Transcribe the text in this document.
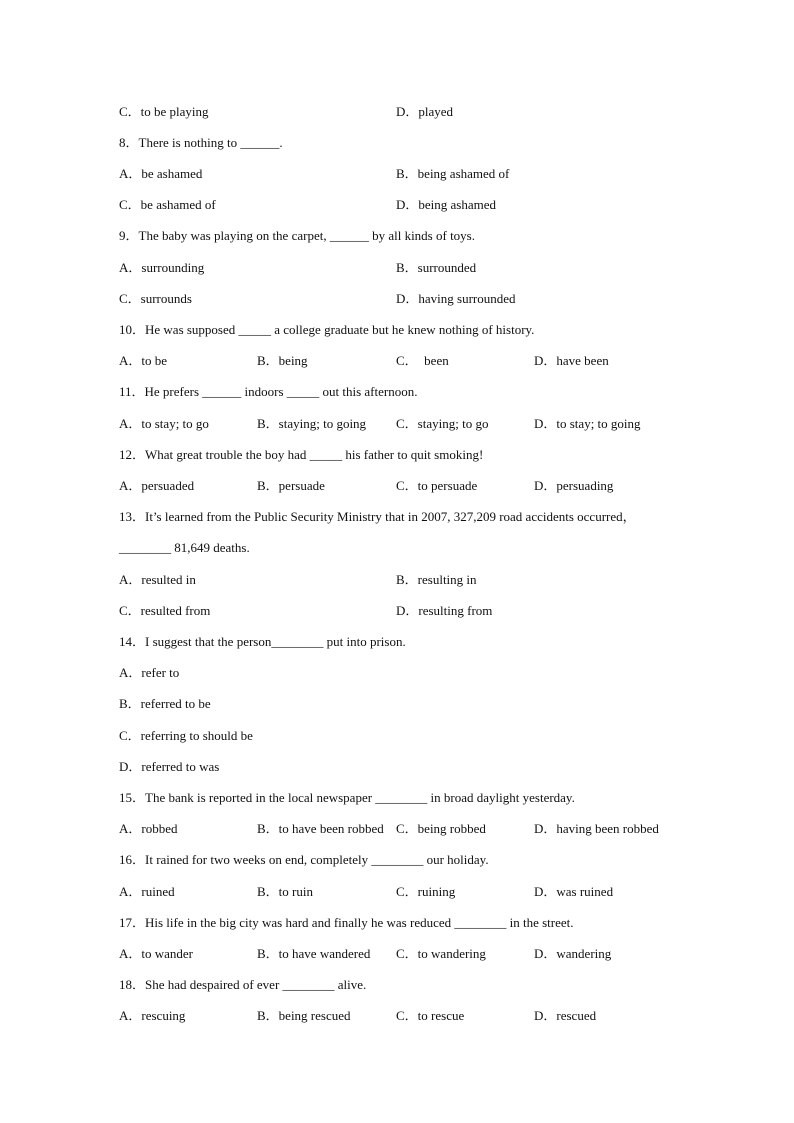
C．to be playing	D．played
8．There is nothing to ______.
A．be ashamed	B．being ashamed of
C．be ashamed of	D．being ashamed
9．The baby was playing on the carpet, ______ by all kinds of toys.
A．surrounding	B．surrounded
C．surrounds	D．having surrounded
10．He was supposed _____ a college graduate but he knew nothing of history.
A．to be	B．being	C．  been	D．have been
11．He prefers ______ indoors _____ out this afternoon.
A．to stay; to go	B．staying; to going C．staying; to go	D．to stay; to going
12．What great trouble the boy had _____ his father to quit smoking!
A．persuaded	B．persuade	C．to persuade	D．persuading
13．It’s learned from the Public Security Ministry that in 2007, 327,209 road accidents occurred，
________ 81,649 deaths.
A．resulted in	B．resulting in
C．resulted from	D．resulting from
14．I suggest that the person________ put into prison.
A．refer to
B．referred to be
C．referring to should be
D．referred to was
15．The bank is reported in the local newspaper ________ in broad daylight yesterday.
A．robbed	B．to have been robbed C．being robbed	D．having been robbed
16．It rained for two weeks on end, completely ________ our holiday.
A．ruined	B．to ruin	C．ruining	D．was ruined
17．His life in the big city was hard and finally he was reduced ________ in the street.
A．to wander	B．to have wandered C．to wandering	D．wandering
18．She had despaired of ever ________ alive.
A．rescuing	B．being rescued	C．to rescue	D．rescued
